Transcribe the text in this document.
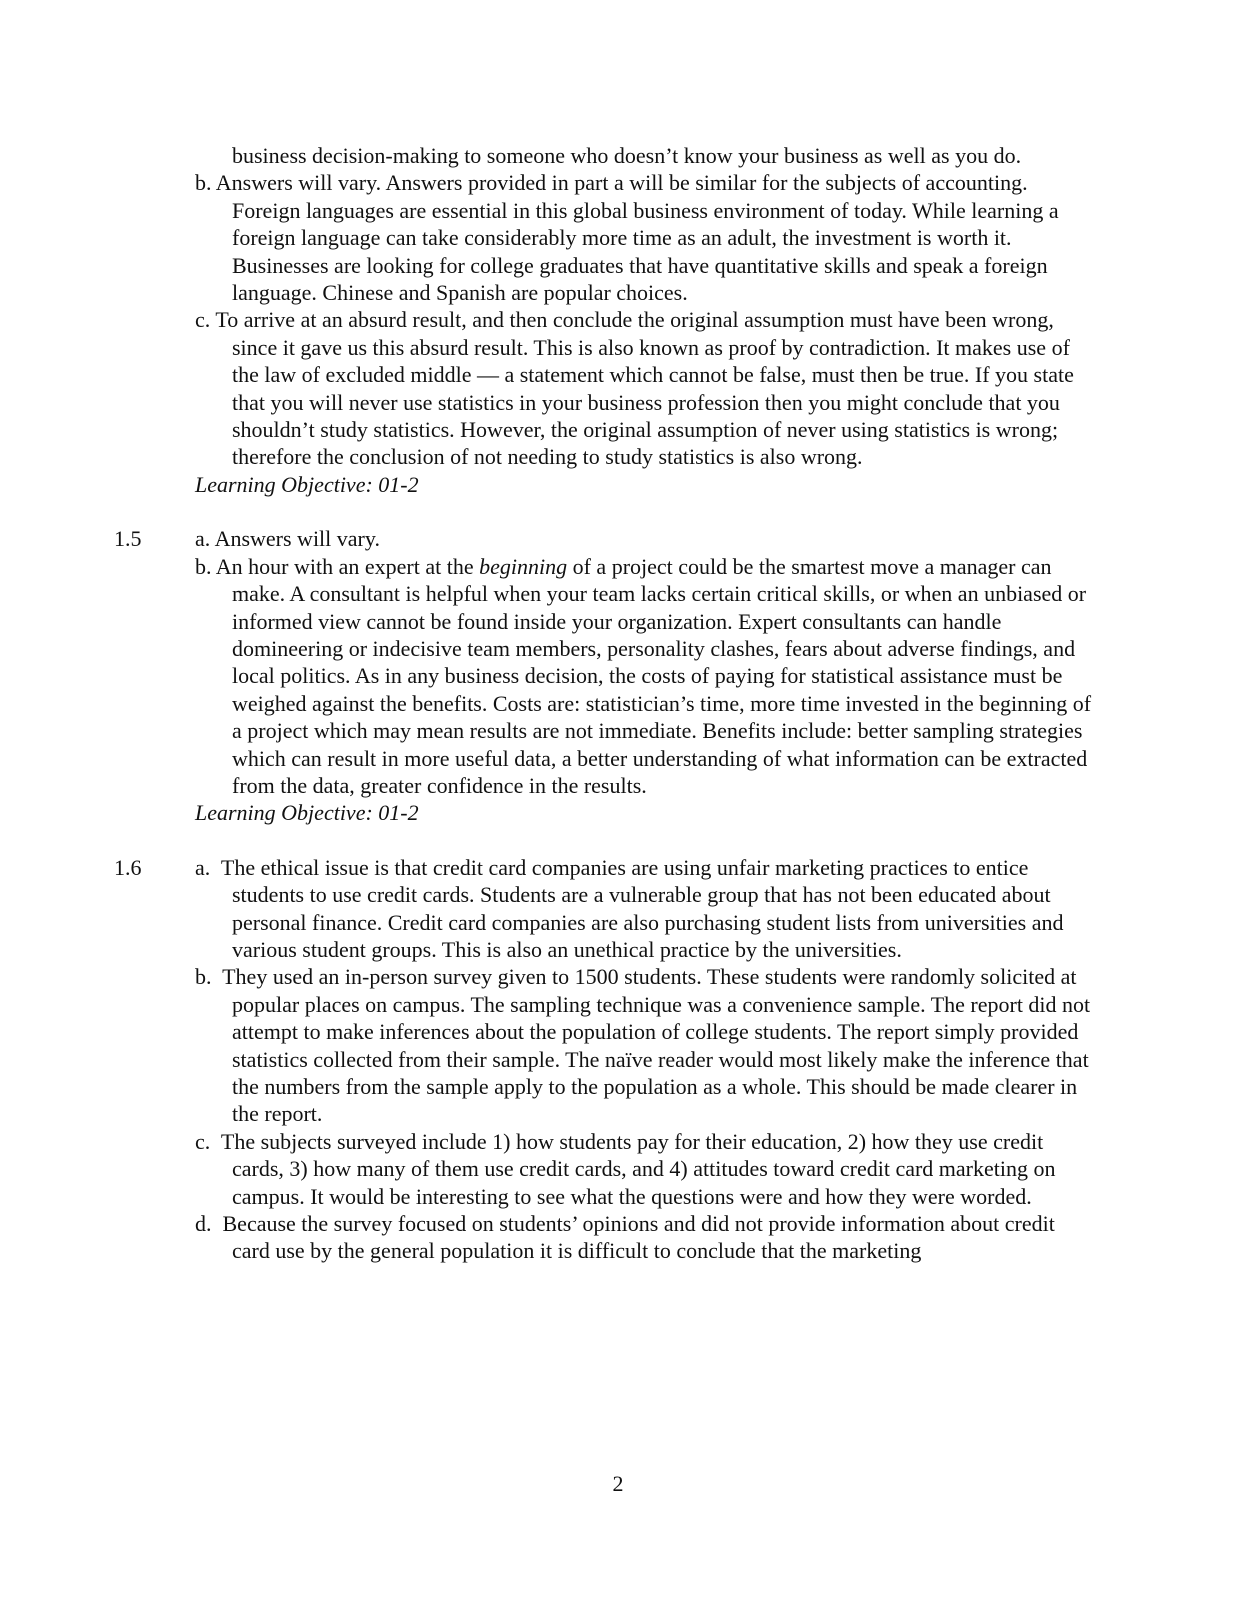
business decision-making to someone who doesn’t know your business as well as you do.
b. Answers will vary. Answers provided in part a will be similar for the subjects of accounting. Foreign languages are essential in this global business environment of today. While learning a foreign language can take considerably more time as an adult, the investment is worth it. Businesses are looking for college graduates that have quantitative skills and speak a foreign language. Chinese and Spanish are popular choices.
c. To arrive at an absurd result, and then conclude the original assumption must have been wrong, since it gave us this absurd result. This is also known as proof by contradiction. It makes use of the law of excluded middle — a statement which cannot be false, must then be true. If you state that you will never use statistics in your business profession then you might conclude that you shouldn’t study statistics. However, the original assumption of never using statistics is wrong; therefore the conclusion of not needing to study statistics is also wrong.
Learning Objective: 01-2
1.5	a. Answers will vary.
b. An hour with an expert at the beginning of a project could be the smartest move a manager can make. A consultant is helpful when your team lacks certain critical skills, or when an unbiased or informed view cannot be found inside your organization. Expert consultants can handle domineering or indecisive team members, personality clashes, fears about adverse findings, and local politics. As in any business decision, the costs of paying for statistical assistance must be weighed against the benefits. Costs are: statistician’s time, more time invested in the beginning of a project which may mean results are not immediate. Benefits include: better sampling strategies which can result in more useful data, a better understanding of what information can be extracted from the data, greater confidence in the results.
Learning Objective: 01-2
1.6	a. The ethical issue is that credit card companies are using unfair marketing practices to entice students to use credit cards. Students are a vulnerable group that has not been educated about personal finance. Credit card companies are also purchasing student lists from universities and various student groups. This is also an unethical practice by the universities.
b. They used an in-person survey given to 1500 students. These students were randomly solicited at popular places on campus. The sampling technique was a convenience sample. The report did not attempt to make inferences about the population of college students. The report simply provided statistics collected from their sample. The naïve reader would most likely make the inference that the numbers from the sample apply to the population as a whole. This should be made clearer in the report.
c. The subjects surveyed include 1) how students pay for their education, 2) how they use credit cards, 3) how many of them use credit cards, and 4) attitudes toward credit card marketing on campus. It would be interesting to see what the questions were and how they were worded.
d. Because the survey focused on students’ opinions and did not provide information about credit card use by the general population it is difficult to conclude that the marketing
2
